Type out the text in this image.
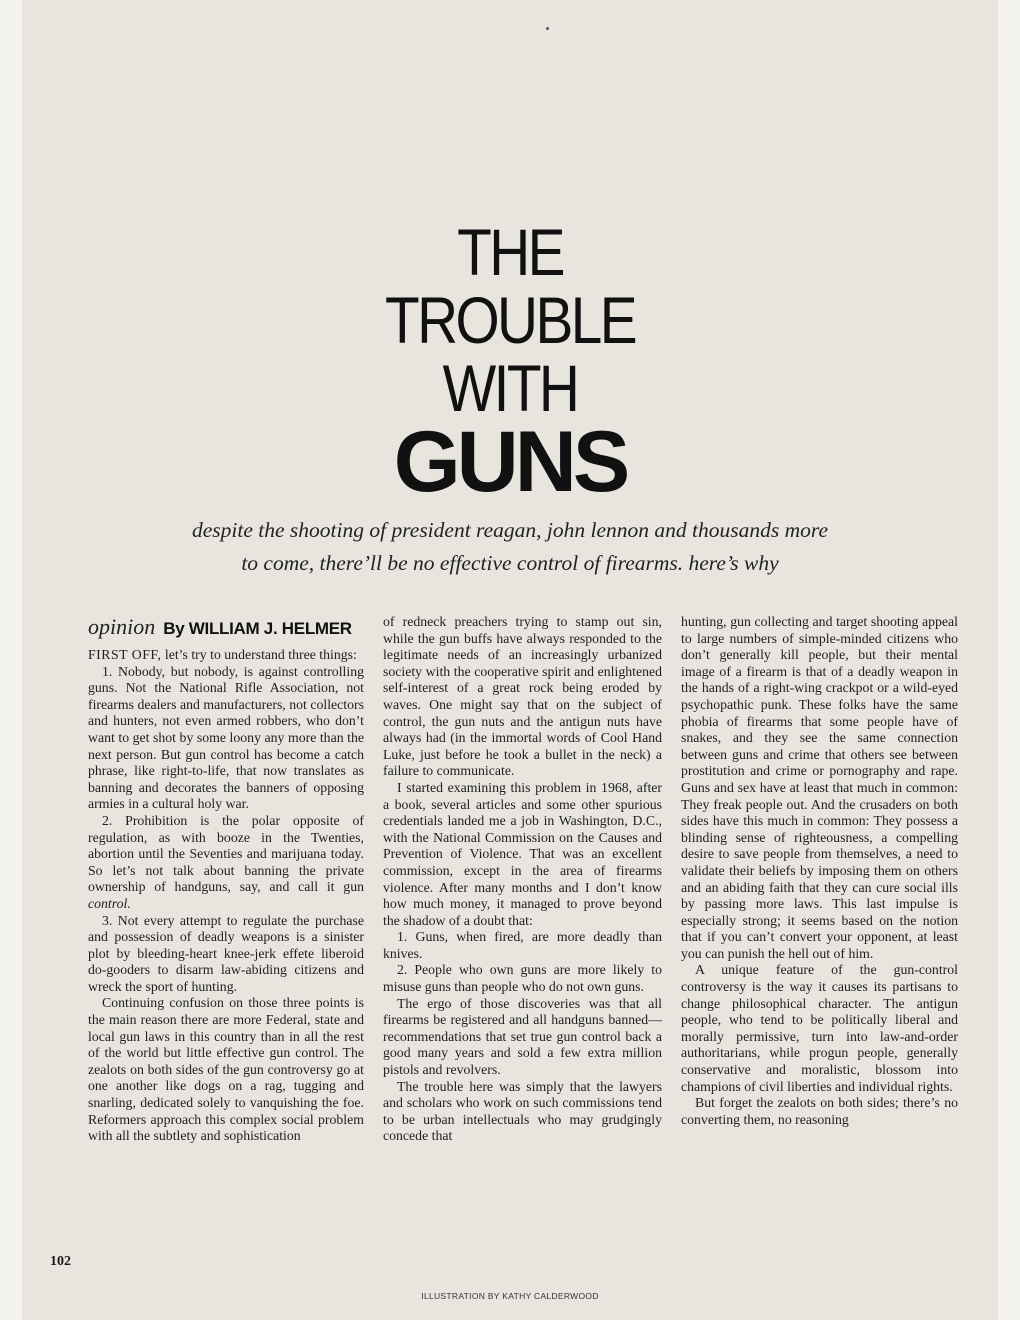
THE
TROUBLE
WITH
GUNS
despite the shooting of president reagan, john lennon and thousands more
to come, there’ll be no effective control of firearms. here’s why
opinion By WILLIAM J. HELMER

FIRST OFF, let’s try to understand three things:

1. Nobody, but nobody, is against controlling guns. Not the National Rifle Association, not firearms dealers and manufacturers, not collectors and hunters, not even armed robbers, who don’t want to get shot by some loony any more than the next person. But gun control has become a catch phrase, like right-to-life, that now translates as banning and decorates the banners of opposing armies in a cultural holy war.

2. Prohibition is the polar opposite of regulation, as with booze in the Twenties, abortion until the Seventies and marijuana today. So let’s not talk about banning the private ownership of handguns, say, and call it gun control.

3. Not every attempt to regulate the purchase and possession of deadly weapons is a sinister plot by bleeding-heart knee-jerk effete liberoid do-gooders to disarm law-abiding citizens and wreck the sport of hunting.

Continuing confusion on those three points is the main reason there are more Federal, state and local gun laws in this country than in all the rest of the world but little effective gun control. The zealots on both sides of the gun controversy go at one another like dogs on a rag, tugging and snarling, dedicated solely to vanquishing the foe. Reformers approach this complex social problem with all the subtlety and sophistication

of redneck preachers trying to stamp out sin, while the gun buffs have always responded to the legitimate needs of an increasingly urbanized society with the cooperative spirit and enlightened self-interest of a great rock being eroded by waves. One might say that on the subject of control, the gun nuts and the antigun nuts have always had (in the immortal words of Cool Hand Luke, just before he took a bullet in the neck) a failure to communicate.

I started examining this problem in 1968, after a book, several articles and some other spurious credentials landed me a job in Washington, D.C., with the National Commission on the Causes and Prevention of Violence. That was an excellent commission, except in the area of firearms violence. After many months and I don’t know how much money, it managed to prove beyond the shadow of a doubt that:

1. Guns, when fired, are more deadly than knives.

2. People who own guns are more likely to misuse guns than people who do not own guns.

The ergo of those discoveries was that all firearms be registered and all handguns banned—recommendations that set true gun control back a good many years and sold a few extra million pistols and revolvers.

The trouble here was simply that the lawyers and scholars who work on such commissions tend to be urban intellectuals who may grudgingly concede that

hunting, gun collecting and target shooting appeal to large numbers of simple-minded citizens who don’t generally kill people, but their mental image of a firearm is that of a deadly weapon in the hands of a right-wing crackpot or a wild-eyed psychopathic punk. These folks have the same phobia of firearms that some people have of snakes, and they see the same connection between guns and crime that others see between prostitution and crime or pornography and rape. Guns and sex have at least that much in common: They freak people out. And the crusaders on both sides have this much in common: They possess a blinding sense of righteousness, a compelling desire to save people from themselves, a need to validate their beliefs by imposing them on others and an abiding faith that they can cure social ills by passing more laws. This last impulse is especially strong; it seems based on the notion that if you can’t convert your opponent, at least you can punish the hell out of him.

A unique feature of the gun-control controversy is the way it causes its partisans to change philosophical character. The antigun people, who tend to be politically liberal and morally permissive, turn into law-and-order authoritarians, while progun people, generally conservative and moralistic, blossom into champions of civil liberties and individual rights.

But forget the zealots on both sides; there’s no converting them, no reasoning

102
ILLUSTRATION BY KATHY CALDERWOOD
